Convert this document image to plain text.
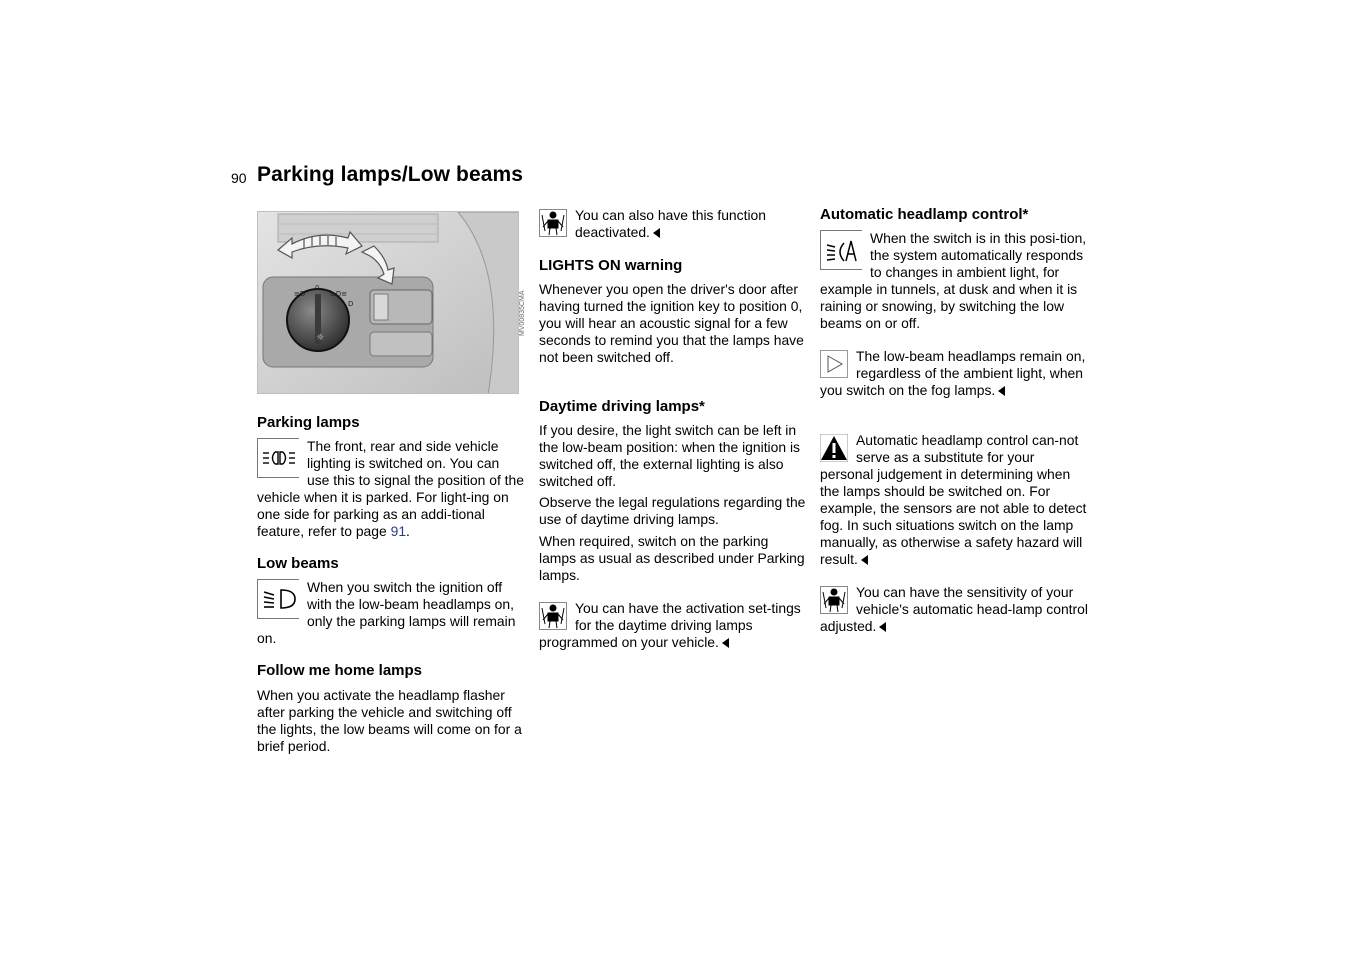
90 Parking lamps/Low beams
☼
≡D
0
≡D≡
D	MV00835CMA
Parking lamps
The front, rear and side vehicle lighting is switched on. You can use this to signal the position of the vehicle when it is parked. For light-ing on one side for parking as an addi-tional feature, refer to page 91.
Low beams
When you switch the ignition off with the low-beam headlamps on, only the parking lamps will remain on.
Follow me home lamps
When you activate the headlamp flasher after parking the vehicle and switching off the lights, the low beams will come on for a brief period.
You can also have this function deactivated.
LIGHTS ON warning
Whenever you open the driver's door after having turned the ignition key to position 0, you will hear an acoustic signal for a few seconds to remind you that the lamps have not been switched off.
Daytime driving lamps*
If you desire, the light switch can be left in the low-beam position: when the ignition is switched off, the external lighting is also switched off.
Observe the legal regulations regarding the use of daytime driving lamps.
When required, switch on the parking lamps as usual as described under Parking lamps.
You can have the activation set-tings for the daytime driving lamps programmed on your vehicle.
Automatic headlamp control*
When the switch is in this posi-tion, the system automatically responds to changes in ambient light, for example in tunnels, at dusk and when it is raining or snowing, by switching the low beams on or off.
The low-beam headlamps remain on, regardless of the ambient light, when you switch on the fog lamps.
Automatic headlamp control can-not serve as a substitute for your personal judgement in determining when the lamps should be switched on. For example, the sensors are not able to detect fog. In such situations switch on the lamp manually, as otherwise a safety hazard will result.
You can have the sensitivity of your vehicle's automatic head-lamp control adjusted.
